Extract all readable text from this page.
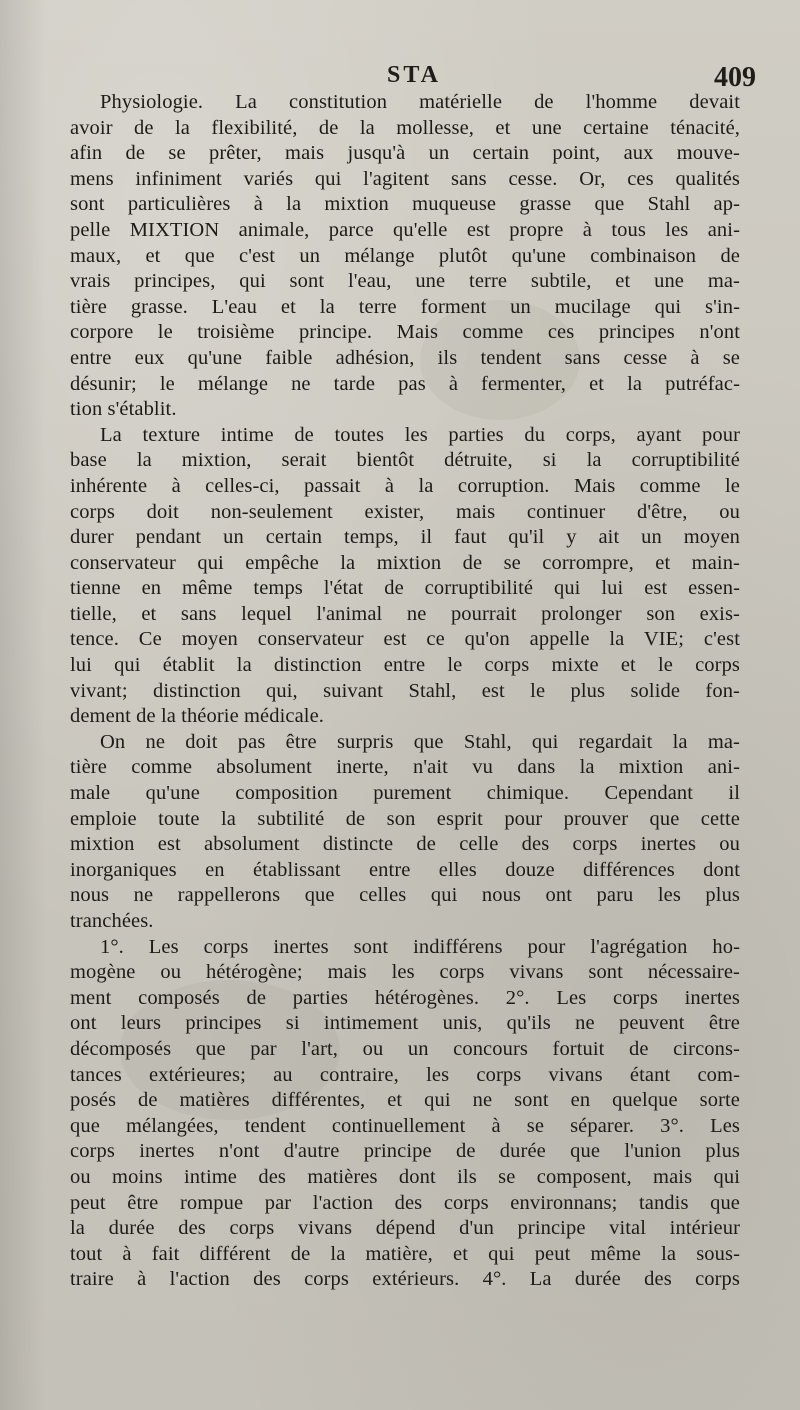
STA	409
Physiologie. La constitution matérielle de l'homme devait
avoir de la flexibilité, de la mollesse, et une certaine ténacité,
afin de se prêter, mais jusqu'à un certain point, aux mouve-
mens infiniment variés qui l'agitent sans cesse. Or, ces qualités
sont particulières à la mixtion muqueuse grasse que Stahl ap-
pelle MIXTION animale, parce qu'elle est propre à tous les ani-
maux, et que c'est un mélange plutôt qu'une combinaison de
vrais principes, qui sont l'eau, une terre subtile, et une ma-
tière grasse. L'eau et la terre forment un mucilage qui s'in-
corpore le troisième principe. Mais comme ces principes n'ont
entre eux qu'une faible adhésion, ils tendent sans cesse à se
désunir; le mélange ne tarde pas à fermenter, et la putréfac-
tion s'établit.
La texture intime de toutes les parties du corps, ayant pour
base la mixtion, serait bientôt détruite, si la corruptibilité
inhérente à celles-ci, passait à la corruption. Mais comme le
corps doit non-seulement exister, mais continuer d'être, ou
durer pendant un certain temps, il faut qu'il y ait un moyen
conservateur qui empêche la mixtion de se corrompre, et main-
tienne en même temps l'état de corruptibilité qui lui est essen-
tielle, et sans lequel l'animal ne pourrait prolonger son exis-
tence. Ce moyen conservateur est ce qu'on appelle la VIE; c'est
lui qui établit la distinction entre le corps mixte et le corps
vivant; distinction qui, suivant Stahl, est le plus solide fon-
dement de la théorie médicale.
On ne doit pas être surpris que Stahl, qui regardait la ma-
tière comme absolument inerte, n'ait vu dans la mixtion ani-
male qu'une composition purement chimique. Cependant il
emploie toute la subtilité de son esprit pour prouver que cette
mixtion est absolument distincte de celle des corps inertes ou
inorganiques en établissant entre elles douze différences dont
nous ne rappellerons que celles qui nous ont paru les plus
tranchées.
1°. Les corps inertes sont indifférens pour l'agrégation ho-
mogène ou hétérogène; mais les corps vivans sont nécessaire-
ment composés de parties hétérogènes. 2°. Les corps inertes
ont leurs principes si intimement unis, qu'ils ne peuvent être
décomposés que par l'art, ou un concours fortuit de circons-
tances extérieures; au contraire, les corps vivans étant com-
posés de matières différentes, et qui ne sont en quelque sorte
que mélangées, tendent continuellement à se séparer. 3°. Les
corps inertes n'ont d'autre principe de durée que l'union plus
ou moins intime des matières dont ils se composent, mais qui
peut être rompue par l'action des corps environnans; tandis que
la durée des corps vivans dépend d'un principe vital intérieur
tout à fait différent de la matière, et qui peut même la sous-
traire à l'action des corps extérieurs. 4°. La durée des corps
